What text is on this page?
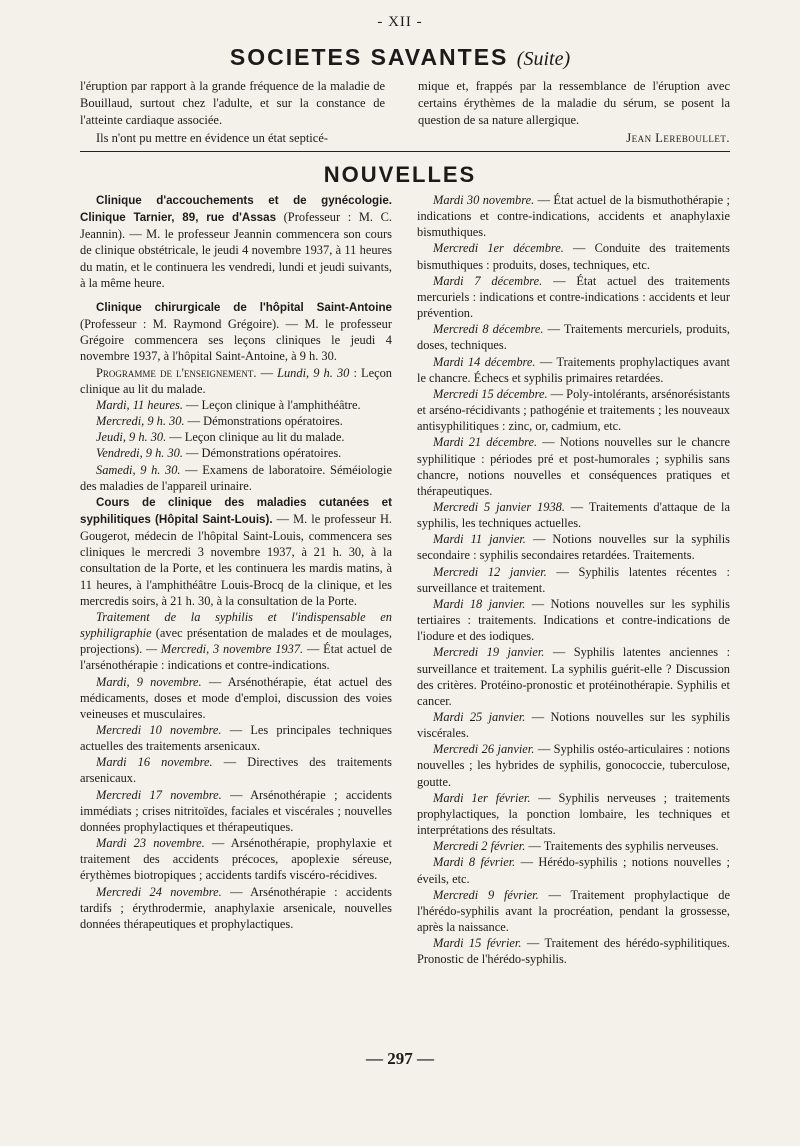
- XII -
SOCIETES SAVANTES (Suite)
l'éruption par rapport à la grande fréquence de la maladie de Bouillaud, surtout chez l'adulte, et sur la constance de l'atteinte cardiaque associée.
Ils n'ont pu mettre en évidence un état septicé-
mique et, frappés par la ressemblance de l'éruption avec certains érythèmes de la maladie du sérum, se posent la question de sa nature allergique.
Jean Lereboullet.
NOUVELLES

Clinique d'accouchements et de gynécologie. Clinique Tarnier, 89, rue d'Assas (Professeur : M. C. Jeannin). — M. le professeur Jeannin commencera son cours de clinique obstétricale, le jeudi 4 novembre 1937, à 11 heures du matin, et le continuera les vendredi, lundi et jeudi suivants, à la même heure.

Clinique chirurgicale de l'hôpital Saint-Antoine (Professeur : M. Raymond Grégoire). — M. le professeur Grégoire commencera ses leçons cliniques le jeudi 4 novembre 1937, à l'hôpital Saint-Antoine, à 9 h. 30.

Programme de l'enseignement. — Lundi, 9 h. 30 : Leçon clinique au lit du malade.

Mardi, 11 heures. — Leçon clinique à l'amphithéâtre.

Mercredi, 9 h. 30. — Démonstrations opératoires.

Jeudi, 9 h. 30. — Leçon clinique au lit du malade.

Vendredi, 9 h. 30. — Démonstrations opératoires.

Samedi, 9 h. 30. — Examens de laboratoire. Séméiologie des maladies de l'appareil urinaire.

Cours de clinique des maladies cutanées et syphilitiques (Hôpital Saint-Louis). — M. le professeur H. Gougerot, médecin de l'hôpital Saint-Louis, commencera ses cliniques le mercredi 3 novembre 1937, à 21 h. 30, à la consultation de la Porte, et les continuera les mardis matins, à 11 heures, à l'amphithéâtre Louis-Brocq de la clinique, et les mercredis soirs, à 21 h. 30, à la consultation de la Porte.

Traitement de la syphilis et l'indispensable en syphiligraphie (avec présentation de malades et de moulages, projections). — Mercredi, 3 novembre 1937. — État actuel de l'arsénothérapie : indications et contre-indications.

Mardi, 9 novembre. — Arsénothérapie, état actuel des médicaments, doses et mode d'emploi, discussion des voies veineuses et musculaires.

Mercredi 10 novembre. — Les principales techniques actuelles des traitements arsenicaux.

Mardi 16 novembre. — Directives des traitements arsenicaux.

Mercredi 17 novembre. — Arsénothérapie ; accidents immédiats ; crises nitritoïdes, faciales et viscérales ; nouvelles données prophylactiques et thérapeutiques.

Mardi 23 novembre. — Arsénothérapie, prophylaxie et traitement des accidents précoces, apoplexie séreuse, érythèmes biotropiques ; accidents tardifs viscéro-récidives.

Mercredi 24 novembre. — Arsénothérapie : accidents tardifs ; érythrodermie, anaphylaxie arsenicale, nouvelles données thérapeutiques et prophylactiques.

Mardi 30 novembre. — État actuel de la bismuthothérapie ; indications et contre-indications, accidents et anaphylaxie bismuthiques.

Mercredi 1er décembre. — Conduite des traitements bismuthiques : produits, doses, techniques, etc.

Mardi 7 décembre. — État actuel des traitements mercuriels : indications et contre-indications : accidents et leur prévention.

Mercredi 8 décembre. — Traitements mercuriels, produits, doses, techniques.

Mardi 14 décembre. — Traitements prophylactiques avant le chancre. Échecs et syphilis primaires retardées.

Mercredi 15 décembre. — Poly-intolérants, arsénorésistants et arséno-récidivants ; pathogénie et traitements ; les nouveaux antisyphilitiques : zinc, or, cadmium, etc.

Mardi 21 décembre. — Notions nouvelles sur le chancre syphilitique : périodes pré et post-humorales ; syphilis sans chancre, notions nouvelles et conséquences pratiques et thérapeutiques.

Mercredi 5 janvier 1938. — Traitements d'attaque de la syphilis, les techniques actuelles.

Mardi 11 janvier. — Notions nouvelles sur la syphilis secondaire : syphilis secondaires retardées. Traitements.

Mercredi 12 janvier. — Syphilis latentes récentes : surveillance et traitement.

Mardi 18 janvier. — Notions nouvelles sur les syphilis tertiaires : traitements. Indications et contre-indications de l'iodure et des iodiques.

Mercredi 19 janvier. — Syphilis latentes anciennes : surveillance et traitement. La syphilis guérit-elle ? Discussion des critères. Protéino-pronostic et protéinothérapie. Syphilis et cancer.

Mardi 25 janvier. — Notions nouvelles sur les syphilis viscérales.

Mercredi 26 janvier. — Syphilis ostéo-articulaires : notions nouvelles ; les hybrides de syphilis, gonococcie, tuberculose, goutte.

Mardi 1er février. — Syphilis nerveuses ; traitements prophylactiques, la ponction lombaire, les techniques et interprétations des résultats.

Mercredi 2 février. — Traitements des syphilis nerveuses.

Mardi 8 février. — Hérédo-syphilis ; notions nouvelles ; éveils, etc.

Mercredi 9 février. — Traitement prophylactique de l'hérédo-syphilis avant la procréation, pendant la grossesse, après la naissance.

Mardi 15 février. — Traitement des hérédo-syphilitiques. Pronostic de l'hérédo-syphilis.

— 297 —
